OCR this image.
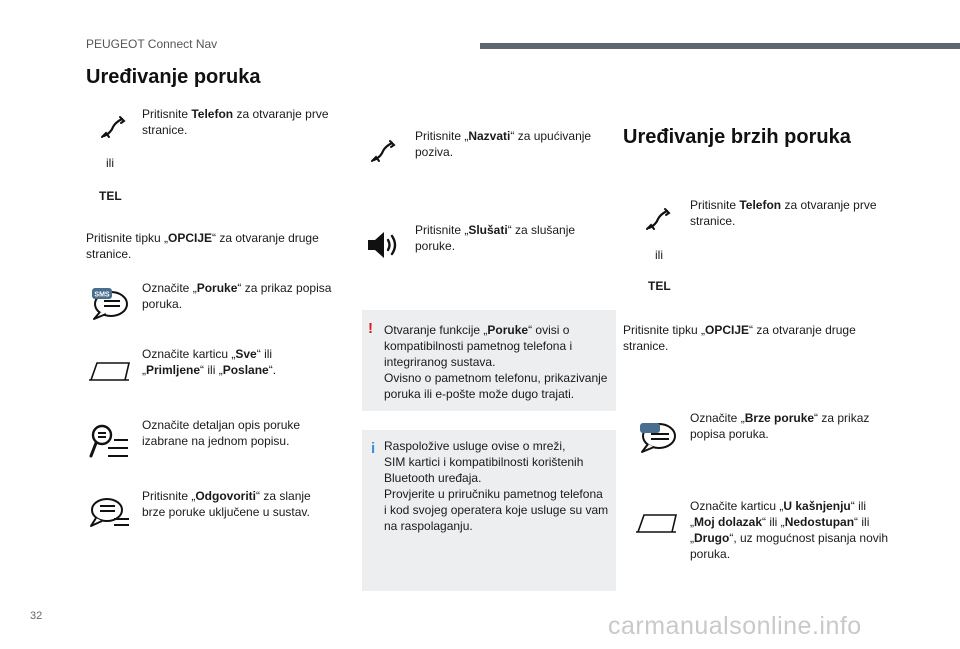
PEUGEOT Connect Nav
Uređivanje poruka
Pritisnite Telefon za otvaranje prve stranice.
ili
TEL
Pritisnite tipku „OPCIJE“ za otvaranje druge stranice.
SMS	Označite „Poruke“ za prikaz popisa poruka.
Označite karticu „Sve“ ili „Primljene“ ili „Poslane“.
Označite detaljan opis poruke izabrane na jednom popisu.
Pritisnite „Odgovoriti“ za slanje brze poruke uključene u sustav.
Pritisnite „Nazvati“ za upućivanje poziva.
Pritisnite „Slušati“ za slušanje poruke.
! Otvaranje funkcije „Poruke“ ovisi o
kompatibilnosti pametnog telefona i
integriranog sustava.
Ovisno o pametnom telefonu, prikazivanje
poruka ili e-pošte može dugo trajati.
i Raspoložive usluge ovise o mreži,
SIM kartici i kompatibilnosti korištenih
Bluetooth uređaja.
Provjerite u priručniku pametnog telefona
i kod svojeg operatera koje usluge su vam
na raspolaganju.
Uređivanje brzih poruka
Pritisnite Telefon za otvaranje prve stranice.
ili
TEL
Pritisnite tipku „OPCIJE“ za otvaranje druge stranice.
Označite „Brze poruke“ za prikaz popisa poruka.
Označite karticu „U kašnjenju“ ili „Moj dolazak“ ili „Nedostupan“ ili „Drugo“, uz mogućnost pisanja novih poruka.
32	carmanualsonline.info
